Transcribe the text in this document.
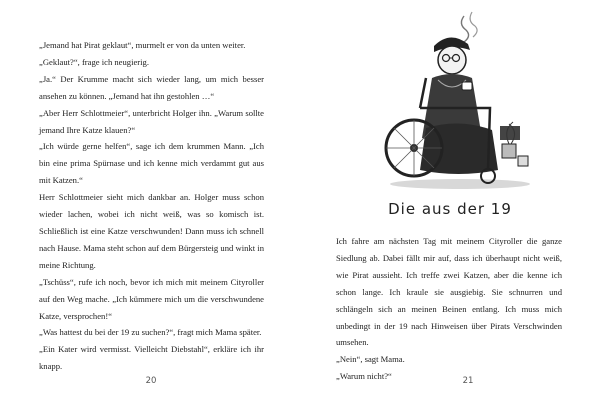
„Jemand hat Pirat geklaut“, murmelt er von da unten weiter.

„Geklaut?“, frage ich neugierig.

„Ja.“ Der Krumme macht sich wieder lang, um mich besser ansehen zu können. „Jemand hat ihn gestohlen …“

„Aber Herr Schlottmeier“, unterbricht Holger ihn. „Warum sollte jemand Ihre Katze klauen?“

„Ich würde gerne helfen“, sage ich dem krummen Mann. „Ich bin eine prima Spürnase und ich kenne mich verdammt gut aus mit Katzen.“

Herr Schlottmeier sieht mich dankbar an. Holger muss schon wieder lachen, wobei ich nicht weiß, was so komisch ist. Schließlich ist eine Katze verschwunden! Dann muss ich schnell nach Hause. Mama steht schon auf dem Bürgersteig und winkt in meine Richtung.

„Tschüss“, rufe ich noch, bevor ich mich mit meinem Cityroller auf den Weg mache. „Ich kümmere mich um die verschwundene Katze, versprochen!“

„Was hattest du bei der 19 zu suchen?“, fragt mich Mama später.

„Ein Kater wird vermisst. Vielleicht Diebstahl“, erkläre ich ihr knapp.

20
Die aus der 19
21

Ich fahre am nächsten Tag mit meinem Cityroller die ganze Siedlung ab. Dabei fällt mir auf, dass ich überhaupt nicht weiß, wie Pirat aussieht. Ich treffe zwei Katzen, aber die kenne ich schon lange. Ich kraule sie ausgiebig. Sie schnurren und schlängeln sich an meinen Beinen entlang. Ich muss mich unbedingt in der 19 nach Hinweisen über Pirats Verschwinden umsehen.

„Nein“, sagt Mama.

„Warum nicht?“
